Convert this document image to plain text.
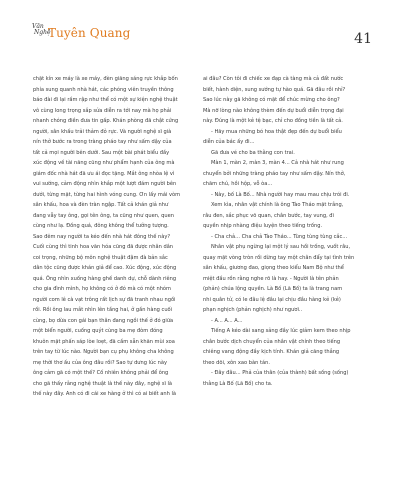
Văn
Nghệ
Tuyên Quang	41

chặt kín xe máy là xe máy, đèn giăng sáng rực khắp bốn

phía sung quanh nhà hát, các phóng viên truyền thông

báo đài đi lại rầm rập như thể có một sự kiện nghệ thuật

vô cùng long trọng sắp sửa diễn ra tới nay mà họ phải

nhanh chóng điền đưa tin gấp. Khán phòng đã chật cứng

người, sân khấu trải thảm đỏ rực. Và người nghệ sĩ già

nín thở bước ra trong tràng pháo tay như sấm dậy của

tất cả mọi người bên dưới. Sau một bài phát biểu đầy

xúc động về tài năng cũng như phẩm hạnh của ông mà

giám đốc nhà hát đã ưu ái đọc tặng. Mắt ông nhòa lệ vì

vui sướng, cảm động nhìn khắp một lượt đám người bên

dưới, từng mặt, từng hai hình vóng cung. Ơn lấy mái vòm

sân khấu, hoa và đèn tràn ngập. Tất cả khán giả như

đang vẫy tay ông, gọi tên ông, ta cũng như quen, quen

cùng như lạ. Đồng quá, đông không thể tưởng tượng.

Sao đêm nay người ta kéo đến nhà hát đông thế này?

Cuối cùng thì tinh hoa văn hóa cũng đã được nhân dân

coi trọng, những bộ môn nghệ thuật đậm đà bản sắc

dân tộc cũng được khán giả để cao. Xúc động, xúc động

quá. Ông nhìn xuống hàng ghế danh dự, chỗ dành riêng

cho gia đình mình, họ không có ở đó mà có một nhóm

người com lê cà vạt trông rất lịch sự đã tranh nhau ngồi

rồi. Rồi ông lau mắt nhìn lên tầng hai, ở gần hàng cuối

cùng, bọ dừa con gái bạn thân đang ngồi thế ở đó giữa

một biển người, cuống quýt cùng ba mẹ đòm đóng

khuôn mặt phấn sáp lòe loẹt, đã cầm sẵn khăn mùi xoa

trên tay từ lúc nào. Người bạn cụ phụ không cha không

mẹ thời thơ ấu của ông đâu rồi? Sao tự dưng lúc này

ông cảm gã có một thế? Cố nhiên không phải để ông

cho gã thấy rằng nghệ thuật là thế này đây, nghệ sĩ là

thế này đây. Anh có đi cái xe hàng ở thì có ai biết anh là

ai đâu? Còn tôi đi chiếc xe đạp cà tàng mà cả đất nước

biết, hành diện, sung sướng tự hào quá. Gã đâu rồi nhỉ?

Sao lúc này gã không có mặt để chúc mừng cho ông?

Mà nỡ lòng nào không thèm đến dự buổi diễn trọng đại

này. Đúng là một kẻ tệ bạc, chỉ cho đồng tiền là tất cả.

- Hãy mua những bó hoa thật đẹp đến dự buổi biểu

diễn của bác ấy đi...

Gã đưa vé cho ba thằng con trai.

Màn 1, màn 2, màn 3, màn 4... Cả nhà hát như rung

chuyển bởi những tràng pháo tay như sấm dậy. Nín thở,

chăm chú, hồi hộp, vỗ òa...

- Này, bố Là Bố... Nhà người hay mau mau chịu trói đi.

Xem kìa, nhân vật chính là ông Tào Tháo mặt trắng,

râu đen, sắc phục võ quan, chân bước, tay vung, đi

quyền nhịp nhàng điệu luyện theo tiếng trống.

- Cha chả... Cha chả Tào Tháo... Tùng tùng tùng cắc...

Nhân vật phụ ngừng lại một lý sau hồi trống, vuốt râu,

quay mặt vòng tròn rồi dừng tay một chân đẩy tại tình trên

sân khấu, giương đao, giọng theo kiểu Nam Bộ như thể

miệt đầu rồn rằng nghe rõ là hay. - Người là tên phản

(phản) chúa lộng quyền. Là Bố (Lã Bố) ta là trang nam

nhi quân tử, có le đâu lệ đâu lại chịu đầu hàng kẻ (kẻ)

phạn nghịch (phản nghịch) như ngươi..

- A... A... A...

Tiếng A kéo dài sang sảng đầy lúc giảm kem theo nhịp

chân bước dịch chuyển của nhân vật chính theo tiếng

chiêng vang động đầy kịch tính. Khán giả căng thẳng

theo dõi, xôn xao bàn tán.

- Đây đâu... Phả của thân (của thành) bất sống (sống)

thằng Là Bố (Lã Bố) cho ta.
